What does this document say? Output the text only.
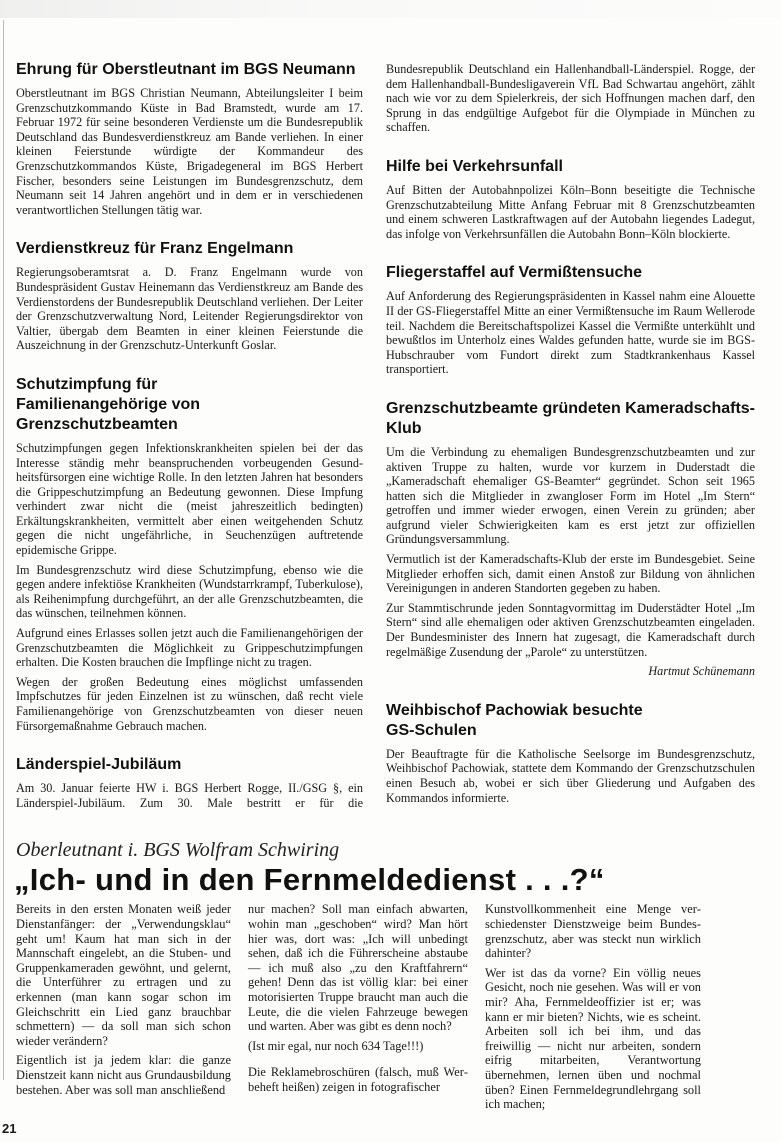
Ehrung für Oberstleutnant im BGS Neumann

Oberstleutnant im BGS Christian Neumann, Abteilungsleiter I beim Grenzschutzkommando Küste in Bad Bramstedt, wurde am 17. Februar 1972 für seine besonderen Verdienste um die Bundesrepublik Deutschland das Bundesverdienstkreuz am Bande verliehen. In einer kleinen Feierstunde würdigte der Kommandeur des Grenzschutzkommandos Küste, Brigadegeneral im BGS Herbert Fischer, besonders seine Leistungen im Bundesgrenzschutz, dem Neumann seit 14 Jahren angehört und in dem er in verschiedenen verantwortlichen Stellungen tätig war.

Verdienstkreuz für Franz Engelmann

Regierungsoberamtsrat a. D. Franz Engelmann wurde von Bundespräsident Gustav Heinemann das Verdienstkreuz am Bande des Verdienstordens der Bundesrepublik Deutschland verliehen. Der Leiter der Grenzschutzverwaltung Nord, Leitender Regierungsdirektor von Valtier, übergab dem Beamten in einer kleinen Feierstunde die Auszeichnung in der Grenzschutz-Unterkunft Goslar.

Schutzimpfung für Familienangehörige von Grenzschutzbeamten

Schutzimpfungen gegen Infektionskrankheiten spielen bei der das Interesse ständig mehr beanspruchenden vorbeugenden Gesundheitsfürsorgen eine wichtige Rolle. In den letzten Jahren hat besonders die Grippeschutzimpfung an Bedeutung gewonnen. Diese Impfung verhindert zwar nicht die (meist jahreszeitlich bedingten) Erkältungskrankheiten, vermittelt aber einen weitgehenden Schutz gegen die nicht ungefährliche, in Seuchenzügen auftretende epidemische Grippe.

Im Bundesgrenzschutz wird diese Schutzimpfung, ebenso wie die gegen andere infektiöse Krankheiten (Wundstarrkrampf, Tuberkulose), als Reihenimpfung durchgeführt, an der alle Grenzschutzbeamten, die das wünschen, teilnehmen können.

Aufgrund eines Erlasses sollen jetzt auch die Familienangehörigen der Grenzschutzbeamten die Möglichkeit zu Grippeschutzimpfungen erhalten. Die Kosten brauchen die Impflinge nicht zu tragen.

Wegen der großen Bedeutung eines möglichst umfassenden Impfschutzes für jeden Einzelnen ist zu wünschen, daß recht viele Familienangehörige von Grenzschutzbeamten von dieser neuen Fürsorgemaßnahme Gebrauch machen.

Länderspiel-Jubiläum

Am 30. Januar feierte HW i. BGS Herbert Rogge, II./GSG §, ein Länderspiel-Jubiläum. Zum 30. Male bestritt er für die

Bundesrepublik Deutschland ein Hallenhandball-Länderspiel. Rogge, der dem Hallenhandball-Bundesligaverein VfL Bad Schwartau angehört, zählt nach wie vor zu dem Spielerkreis, der sich Hoffnungen machen darf, den Sprung in das endgültige Aufgebot für die Olympiade in München zu schaffen.

Hilfe bei Verkehrsunfall

Auf Bitten der Autobahnpolizei Köln–Bonn beseitigte die Technische Grenzschutzabteilung Mitte Anfang Februar mit 8 Grenzschutzbeamten und einem schweren Lastkraftwagen auf der Autobahn liegendes Ladegut, das infolge von Verkehrsunfällen die Autobahn Bonn–Köln blockierte.

Fliegerstaffel auf Vermißtensuche

Auf Anforderung des Regierungspräsidenten in Kassel nahm eine Alouette II der GS-Fliegerstaffel Mitte an einer Vermißtensuche im Raum Wellerode teil. Nachdem die Bereitschaftspolizei Kassel die Vermißte unterkühlt und bewußtlos im Unterholz eines Waldes gefunden hatte, wurde sie im BGS-Hubschrauber vom Fundort direkt zum Stadtkrankenhaus Kassel transportiert.

Grenzschutzbeamte gründeten Kameradschafts-Klub

Um die Verbindung zu ehemaligen Bundesgrenzschutzbeamten und zur aktiven Truppe zu halten, wurde vor kurzem in Duderstadt die „Kameradschaft ehemaliger GS-Beamter“ gegründet. Schon seit 1965 hatten sich die Mitglieder in zwangloser Form im Hotel „Im Stern“ getroffen und immer wieder erwogen, einen Verein zu gründen; aber aufgrund vieler Schwierigkeiten kam es erst jetzt zur offiziellen Gründungsversammlung.

Vermutlich ist der Kameradschafts-Klub der erste im Bundesgebiet. Seine Mitglieder erhoffen sich, damit einen Anstoß zur Bildung von ähnlichen Vereinigungen in anderen Standorten gegeben zu haben.

Zur Stammtischrunde jeden Sonntagvormittag im Duderstädter Hotel „Im Stern“ sind alle ehemaligen oder aktiven Grenzschutzbeamten eingeladen. Der Bundesminister des Innern hat zugesagt, die Kameradschaft durch regelmäßige Zusendung der „Parole“ zu unterstützen.

Hartmut Schünemann
Weihbischof Pachowiak besuchte GS-Schulen

Der Beauftragte für die Katholische Seelsorge im Bundesgrenzschutz, Weihbischof Pachowiak, stattete dem Kommando der Grenzschutzschulen einen Besuch ab, wobei er sich über Gliederung und Aufgaben des Kommandos informierte.

Oberleutnant i. BGS Wolfram Schwiring
„Ich- und in den Fernmeldedienst . . .?“

Bereits in den ersten Monaten weiß jeder Dienstanfänger: der „Verwendungsklau“ geht um! Kaum hat man sich in der Mannschaft eingelebt, an die Stuben- und Gruppenkameraden gewöhnt, und gelernt, die Unterführer zu ertragen und zu erkennen (man kann sogar schon im Gleichschritt ein Lied ganz brauchbar schmettern) — da soll man sich schon wieder verändern?

Eigentlich ist ja jedem klar: die ganze Dienstzeit kann nicht aus Grundausbildung bestehen. Aber was soll man anschließend

nur machen? Soll man einfach abwarten, wohin man „geschoben“ wird? Man hört hier was, dort was: „Ich will unbedingt sehen, daß ich die Führerscheine abstaube — ich muß also „zu den Kraftfahrern“ gehen! Denn das ist völlig klar: bei einer motorisierten Truppe braucht man auch die Leute, die die vielen Fahrzeuge bewegen und warten. Aber was gibt es denn noch?

(Ist mir egal, nur noch 634 Tage!!!)

Die Reklamebroschüren (falsch, muß Werbeheft heißen) zeigen in fotografischer

Kunstvollkommenheit eine Menge verschiedenster Dienstzweige beim Bundesgrenzschutz, aber was steckt nun wirklich dahinter?

Wer ist das da vorne? Ein völlig neues Gesicht, noch nie gesehen. Was will er von mir? Aha, Fernmeldeoffizier ist er; was kann er mir bieten? Nichts, wie es scheint. Arbeiten soll ich bei ihm, und das freiwillig — nicht nur arbeiten, sondern eifrig mitarbeiten, Verantwortung übernehmen, lernen üben und nochmal üben? Einen Fernmeldegrundlehrgang soll ich machen;

21
